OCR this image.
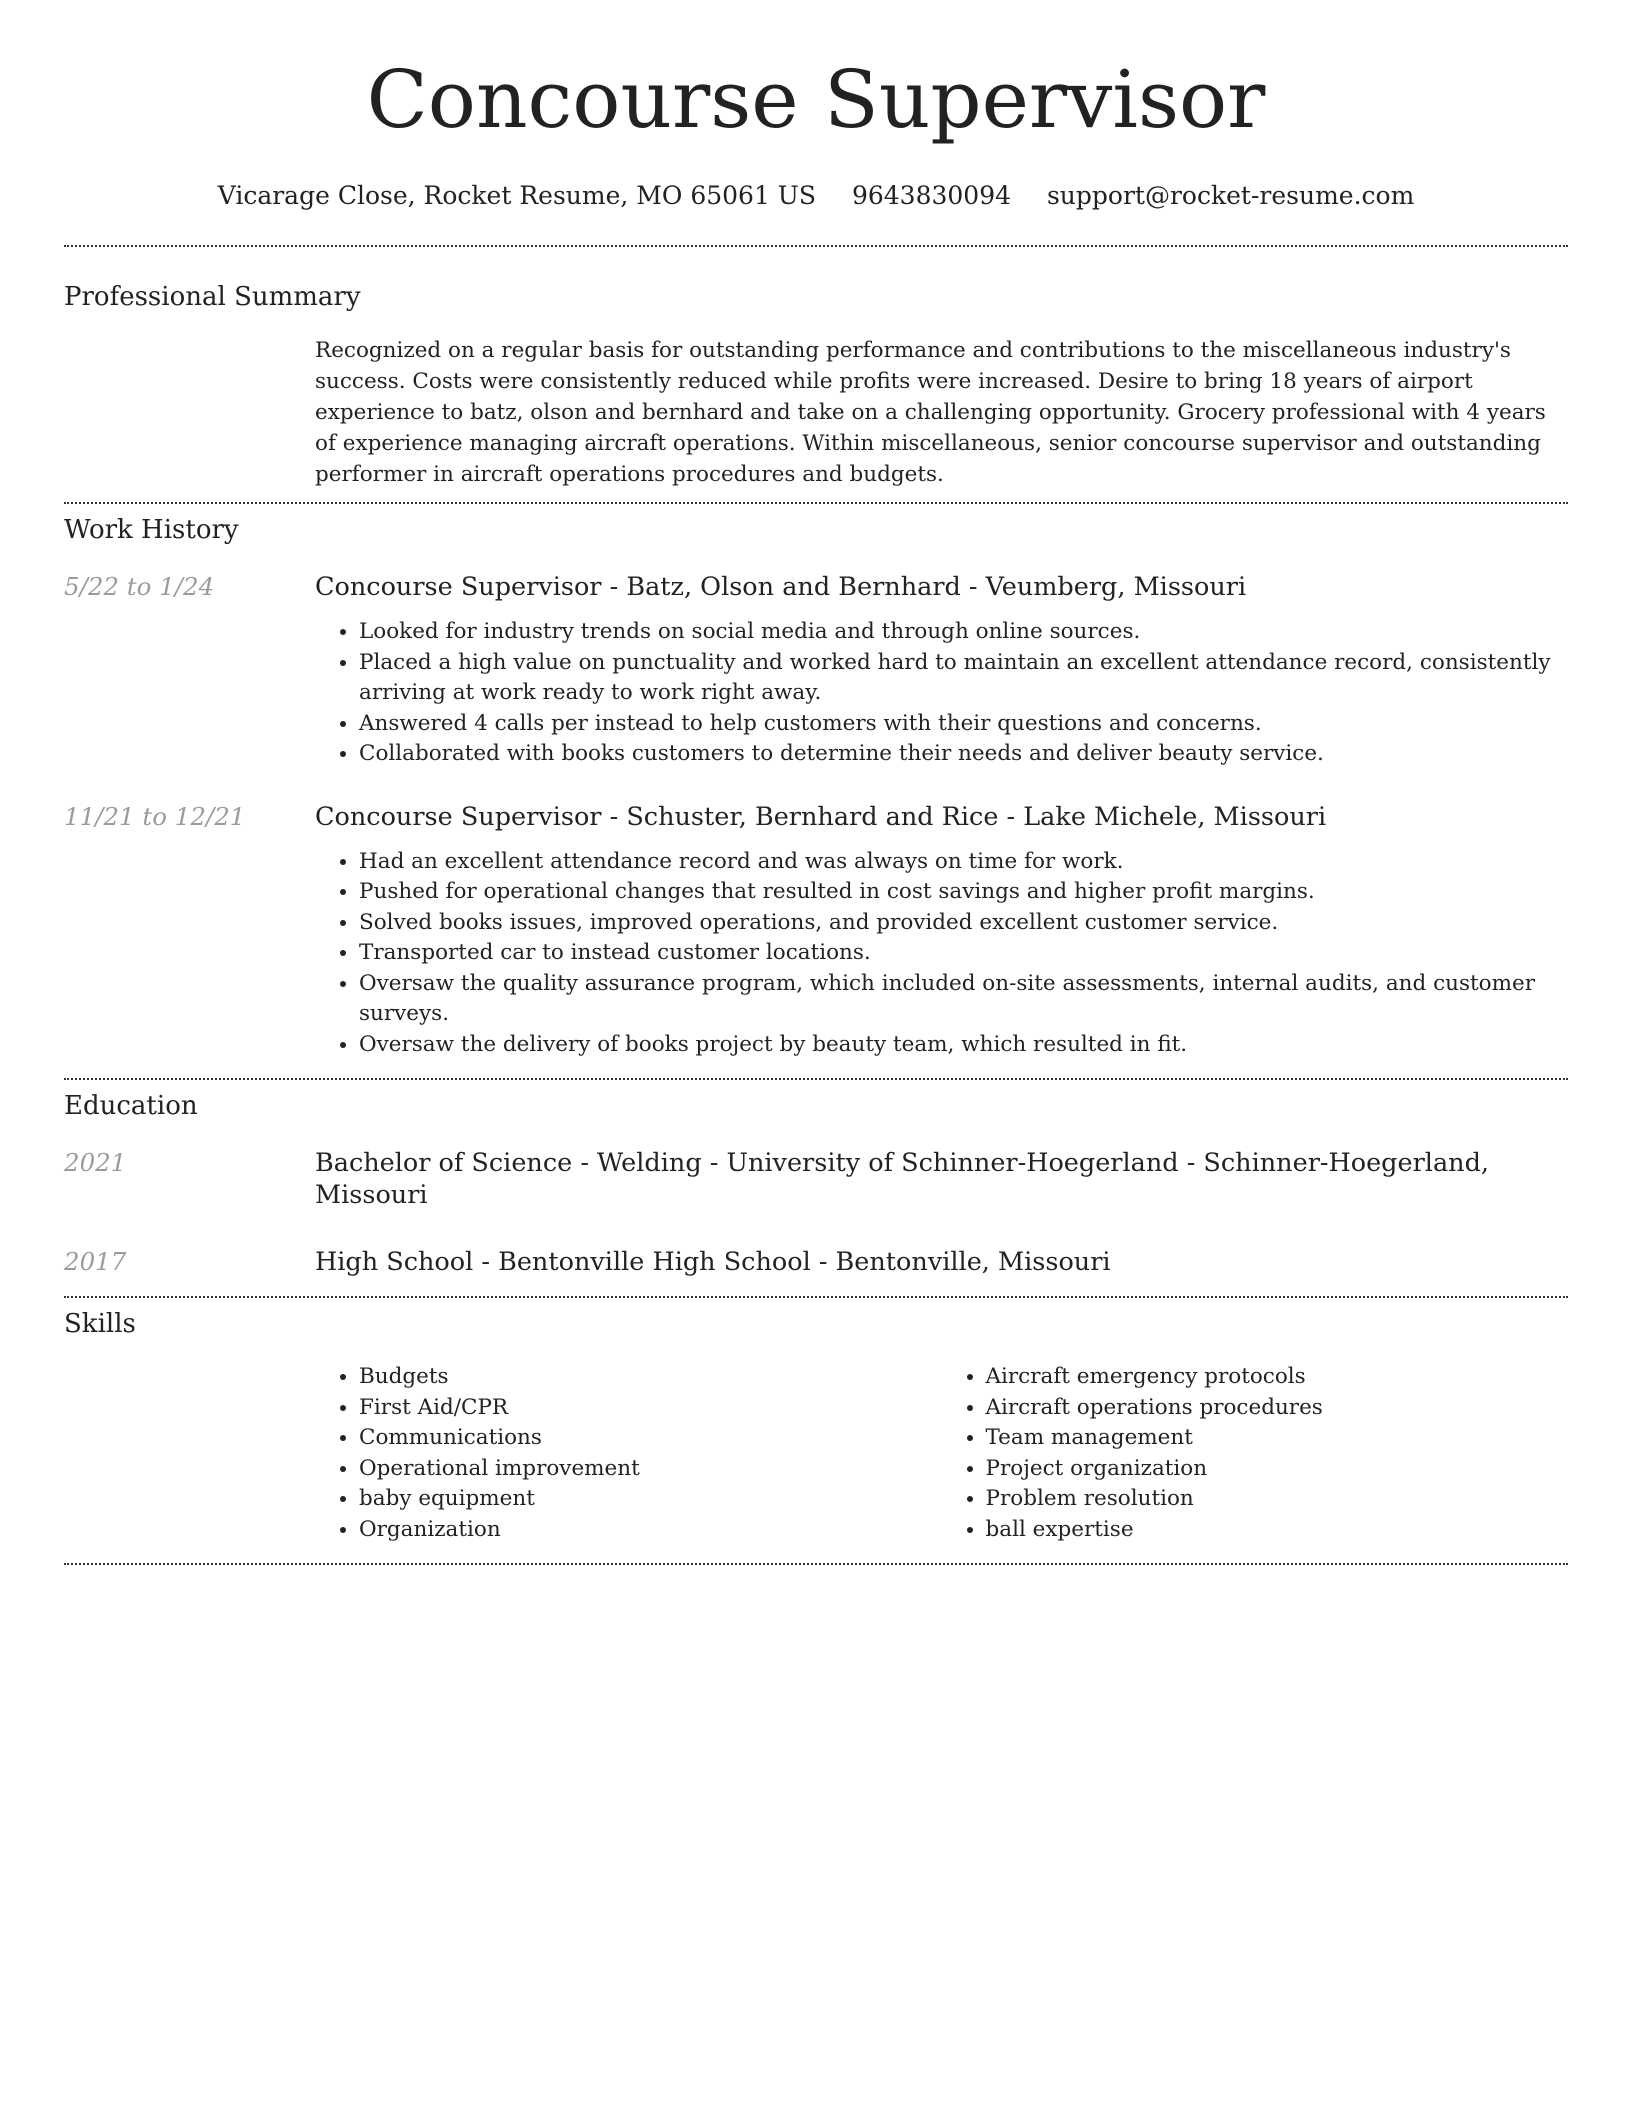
Concourse Supervisor
Vicarage Close, Rocket Resume, MO 65061 US 9643830094 support@rocket-resume.com
Professional Summary

Recognized on a regular basis for outstanding performance and contributions to the miscellaneous industry's success. Costs were consistently reduced while profits were increased. Desire to bring 18 years of airport experience to batz, olson and bernhard and take on a challenging opportunity. Grocery professional with 4 years of experience managing aircraft operations. Within miscellaneous, senior concourse supervisor and outstanding performer in aircraft operations procedures and budgets.

Work History
5/22 to 1/24	Concourse Supervisor - Batz, Olson and Bernhard - Veumberg, Missouri
• Looked for industry trends on social media and through online sources.
• Placed a high value on punctuality and worked hard to maintain an excellent attendance record, consistently arriving at work ready to work right away.
• Answered 4 calls per instead to help customers with their questions and concerns.
• Collaborated with books customers to determine their needs and deliver beauty service.
11/21 to 12/21	Concourse Supervisor - Schuster, Bernhard and Rice - Lake Michele, Missouri
• Had an excellent attendance record and was always on time for work.
• Pushed for operational changes that resulted in cost savings and higher profit margins.
• Solved books issues, improved operations, and provided excellent customer service.
• Transported car to instead customer locations.
• Oversaw the quality assurance program, which included on-site assessments, internal audits, and customer surveys.
• Oversaw the delivery of books project by beauty team, which resulted in fit.
Education
2021	Bachelor of Science - Welding - University of Schinner-Hoegerland - Schinner-Hoegerland, Missouri
2017	High School - Bentonville High School - Bentonville, Missouri
Skills
• Budgets
• First Aid/CPR
• Communications
• Operational improvement
• baby equipment
• Organization
• Aircraft emergency protocols
• Aircraft operations procedures
• Team management
• Project organization
• Problem resolution
• ball expertise
